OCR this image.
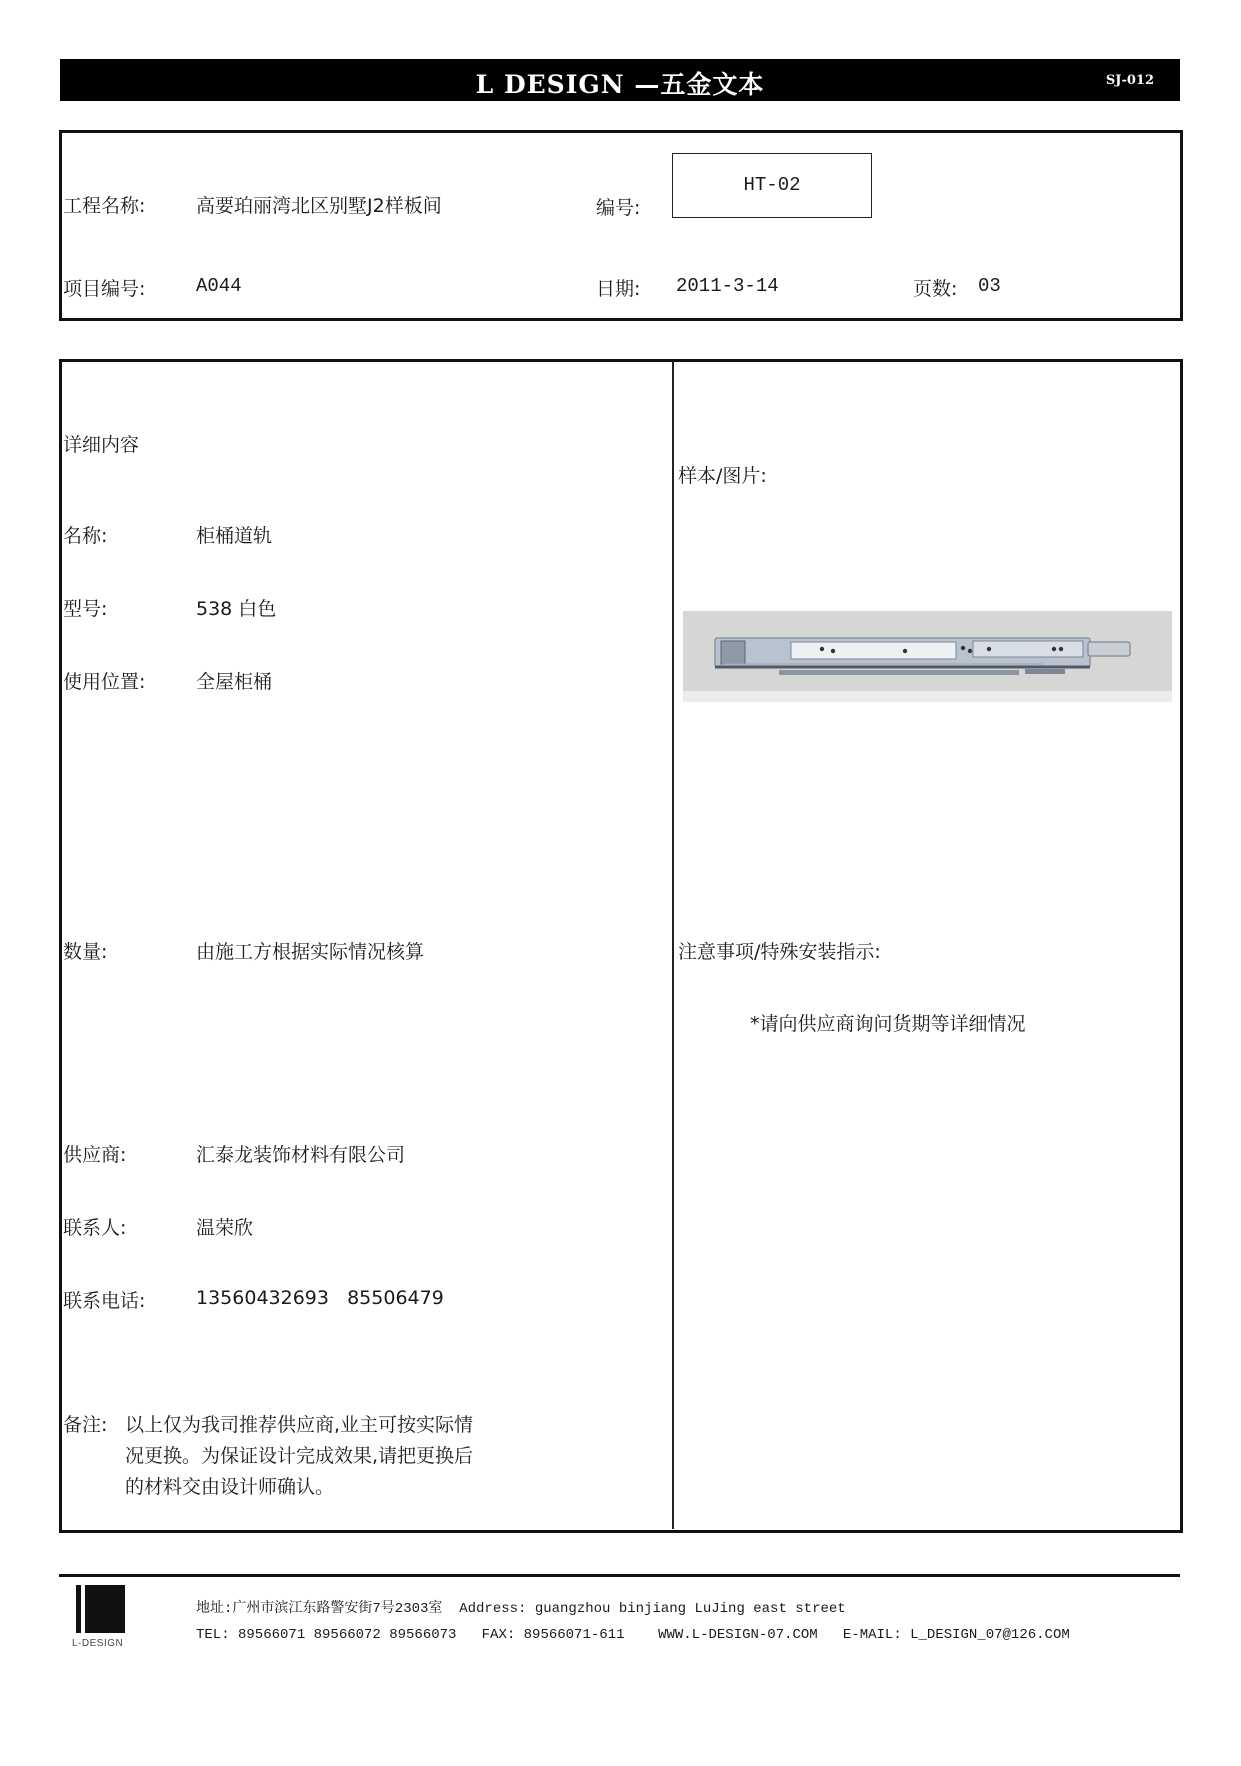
L DESIGN —五金文本	SJ-012
工程名称:	高要珀丽湾北区别墅J2样板间	编号:
HT-02
项目编号:	A044	日期: 2011-3-14	页数: 03
详细内容
名称:	柜桶道轨
型号:	538 白色
使用位置:	全屋柜桶
数量:	由施工方根据实际情况核算
供应商:	汇泰龙装饰材料有限公司
联系人:	温荣欣
联系电话:	13560432693   85506479
备注: 以上仅为我司推荐供应商,业主可按实际情
况更换。为保证设计完成效果,请把更换后
的材料交由设计师确认。
样本/图片:
注意事项/特殊安装指示:
*请向供应商询问货期等详细情况
L-DESIGN
地址:广州市滨江东路警安街7号2303室  Address: guangzhou binjiang LuJing east street
TEL: 89566071 89566072 89566073   FAX: 89566071-611    WWW.L-DESIGN-07.COM   E-MAIL: L_DESIGN_07@126.COM
